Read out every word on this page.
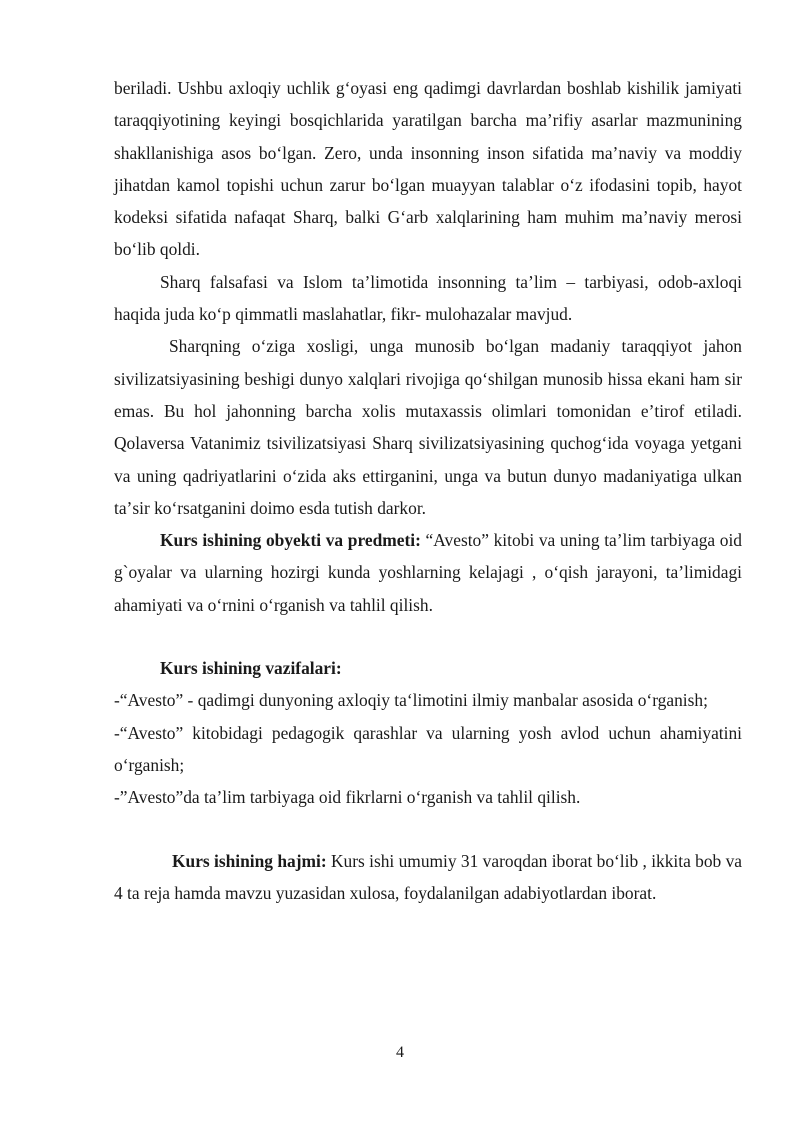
beriladi. Ushbu axloqiy uchlik gʻoyasi eng qadimgi davrlardan boshlab kishilik jamiyati taraqqiyotining keyingi bosqichlarida yaratilgan barcha maʼrifiy asarlar mazmunining shakllanishiga asos boʻlgan. Zero, unda insonning inson sifatida maʼnaviy va moddiy jihatdan kamol topishi uchun zarur boʻlgan muayyan talablar oʻz ifodasini topib, hayot kodeksi sifatida nafaqat Sharq, balki Gʻarb xalqlarining ham muhim maʼnaviy merosi boʻlib qoldi.

Sharq falsafasi va Islom taʼlimotida insonning taʼlim – tarbiyasi, odob-axloqi haqida juda koʻp qimmatli maslahatlar, fikr- mulohazalar mavjud.

Sharqning oʻziga xosligi, unga munosib boʻlgan madaniy taraqqiyot jahon sivilizatsiyasining beshigi dunyo xalqlari rivojiga qoʻshilgan munosib hissa ekani ham sir emas. Bu hol jahonning barcha xolis mutaxassis olimlari tomonidan eʼtirof etiladi. Qolaversa Vatanimiz tsivilizatsiyasi Sharq sivilizatsiyasining quchogʻida voyaga yetgani va uning qadriyatlarini oʻzida aks ettirganini, unga va butun dunyo madaniyatiga ulkan taʼsir koʻrsatganini doimo esda tutish darkor.

Kurs ishining obyekti va predmeti: “Avesto” kitobi va uning taʼlim tarbiyaga oid g`oyalar va ularning hozirgi kunda yoshlarning kelajagi , oʻqish jarayoni, taʼlimidagi ahamiyati va oʻrnini oʻrganish va tahlil qilish.

Kurs ishining vazifalari:

-“Avesto” - qadimgi dunyoning axloqiy taʻlimotini ilmiy manbalar asosida oʻrganish;

-“Avesto” kitobidagi pedagogik qarashlar va ularning yosh avlod uchun ahamiyatini oʻrganish;

-”Avesto”da taʼlim tarbiyaga oid fikrlarni oʻrganish va tahlil qilish.

Kurs ishining hajmi: Kurs ishi umumiy 31 varoqdan iborat boʻlib , ikkita bob va 4 ta reja hamda mavzu yuzasidan xulosa, foydalanilgan adabiyotlardan iborat.

4
